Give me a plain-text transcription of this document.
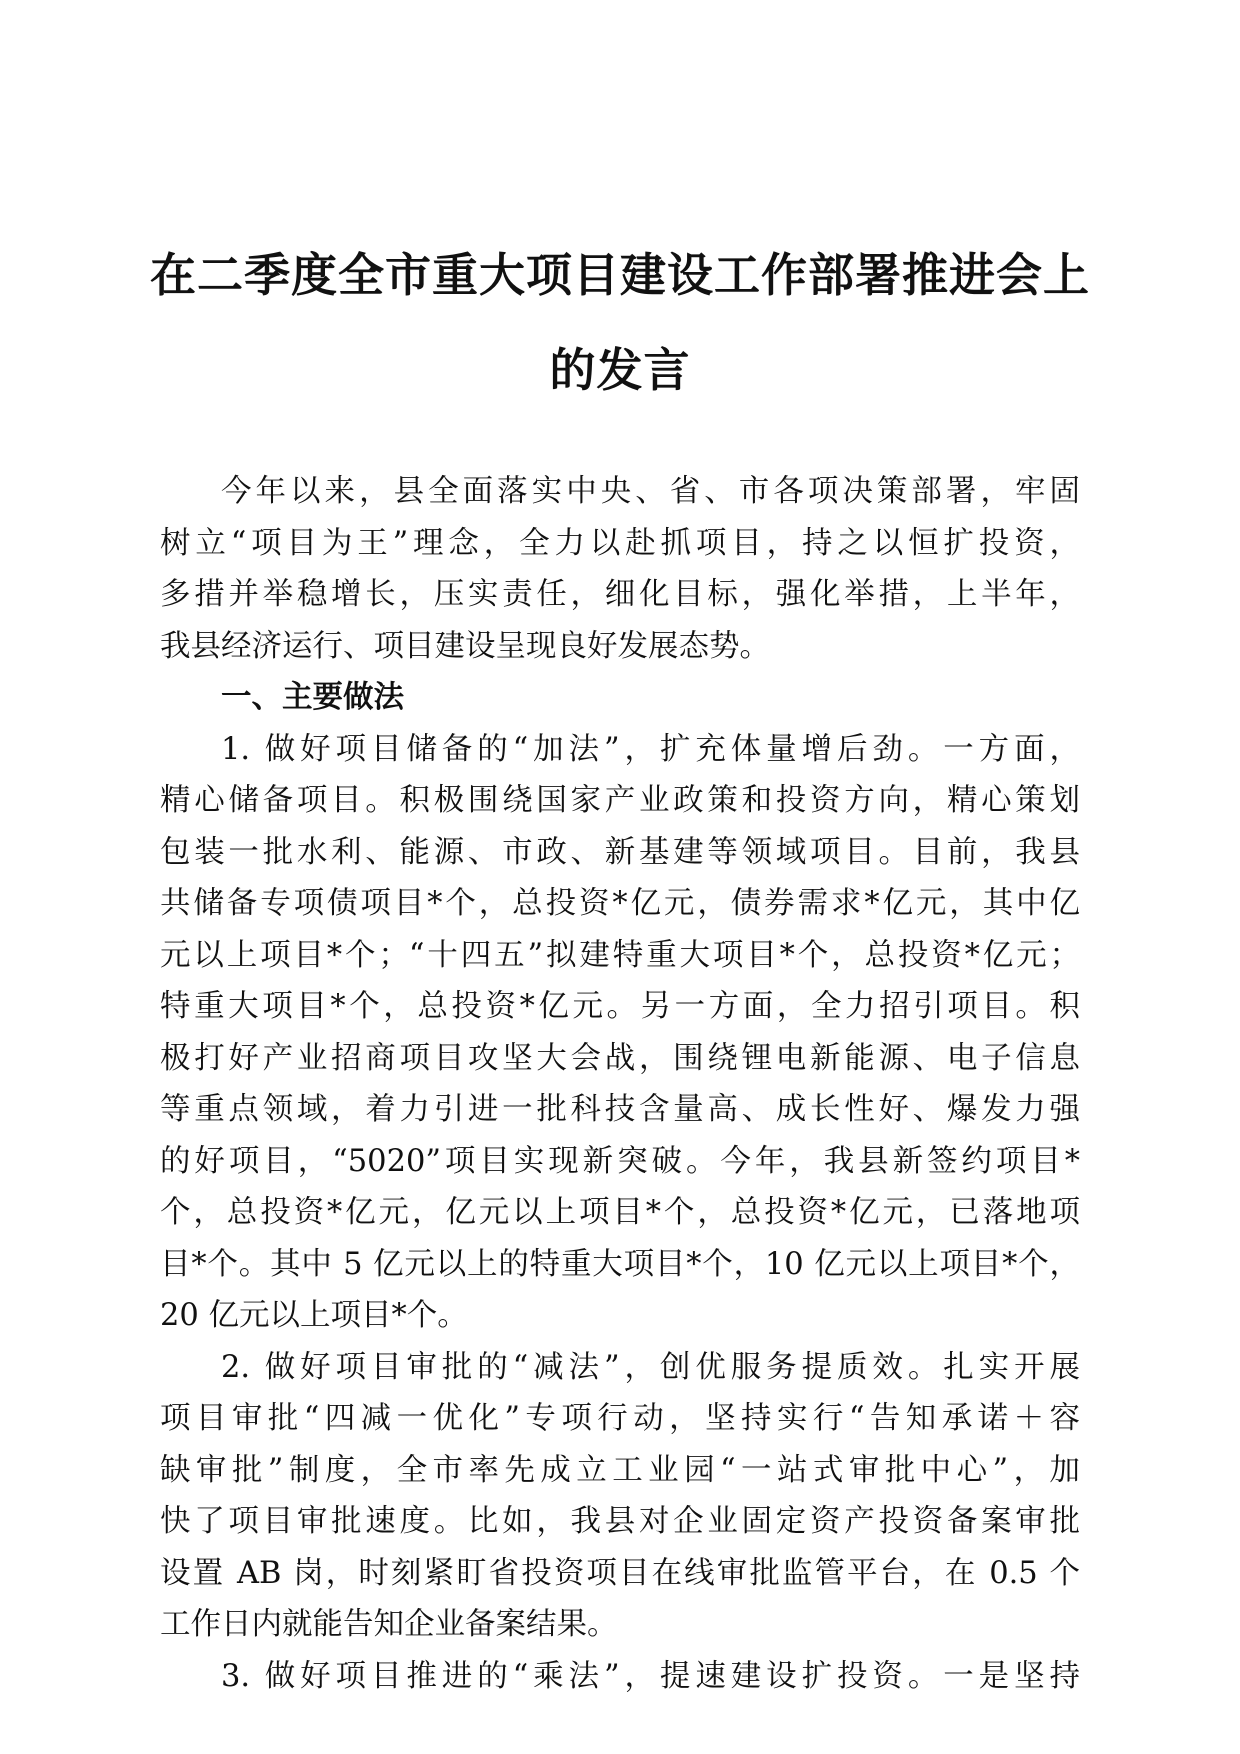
在二季度全市重大项目建设工作部署推进会上
的发言
今年以来，县全面落实中央、省、市各项决策部署，牢固
树立“项目为王”理念，全力以赴抓项目，持之以恒扩投资，
多措并举稳增长，压实责任，细化目标，强化举措，上半年，
我县经济运行、项目建设呈现良好发展态势。
一、主要做法
1. 做好项目储备的“加法”，扩充体量增后劲。一方面，
精心储备项目。积极围绕国家产业政策和投资方向，精心策划
包装一批水利、能源、市政、新基建等领域项目。目前，我县
共储备专项债项目*个，总投资*亿元，债券需求*亿元，其中亿
元以上项目*个；“十四五”拟建特重大项目*个，总投资*亿元；
特重大项目*个，总投资*亿元。另一方面，全力招引项目。积
极打好产业招商项目攻坚大会战，围绕锂电新能源、电子信息
等重点领域，着力引进一批科技含量高、成长性好、爆发力强
的好项目，“5020”项目实现新突破。今年，我县新签约项目*
个，总投资*亿元，亿元以上项目*个，总投资*亿元，已落地项
目*个。其中 5 亿元以上的特重大项目*个，10 亿元以上项目*个，
20 亿元以上项目*个。
2. 做好项目审批的“减法”，创优服务提质效。扎实开展
项目审批“四减一优化”专项行动，坚持实行“告知承诺＋容
缺审批”制度，全市率先成立工业园“一站式审批中心”，加
快了项目审批速度。比如，我县对企业固定资产投资备案审批
设置 AB 岗，时刻紧盯省投资项目在线审批监管平台，在 0.5 个
工作日内就能告知企业备案结果。
3. 做好项目推进的“乘法”，提速建设扩投资。一是坚持
